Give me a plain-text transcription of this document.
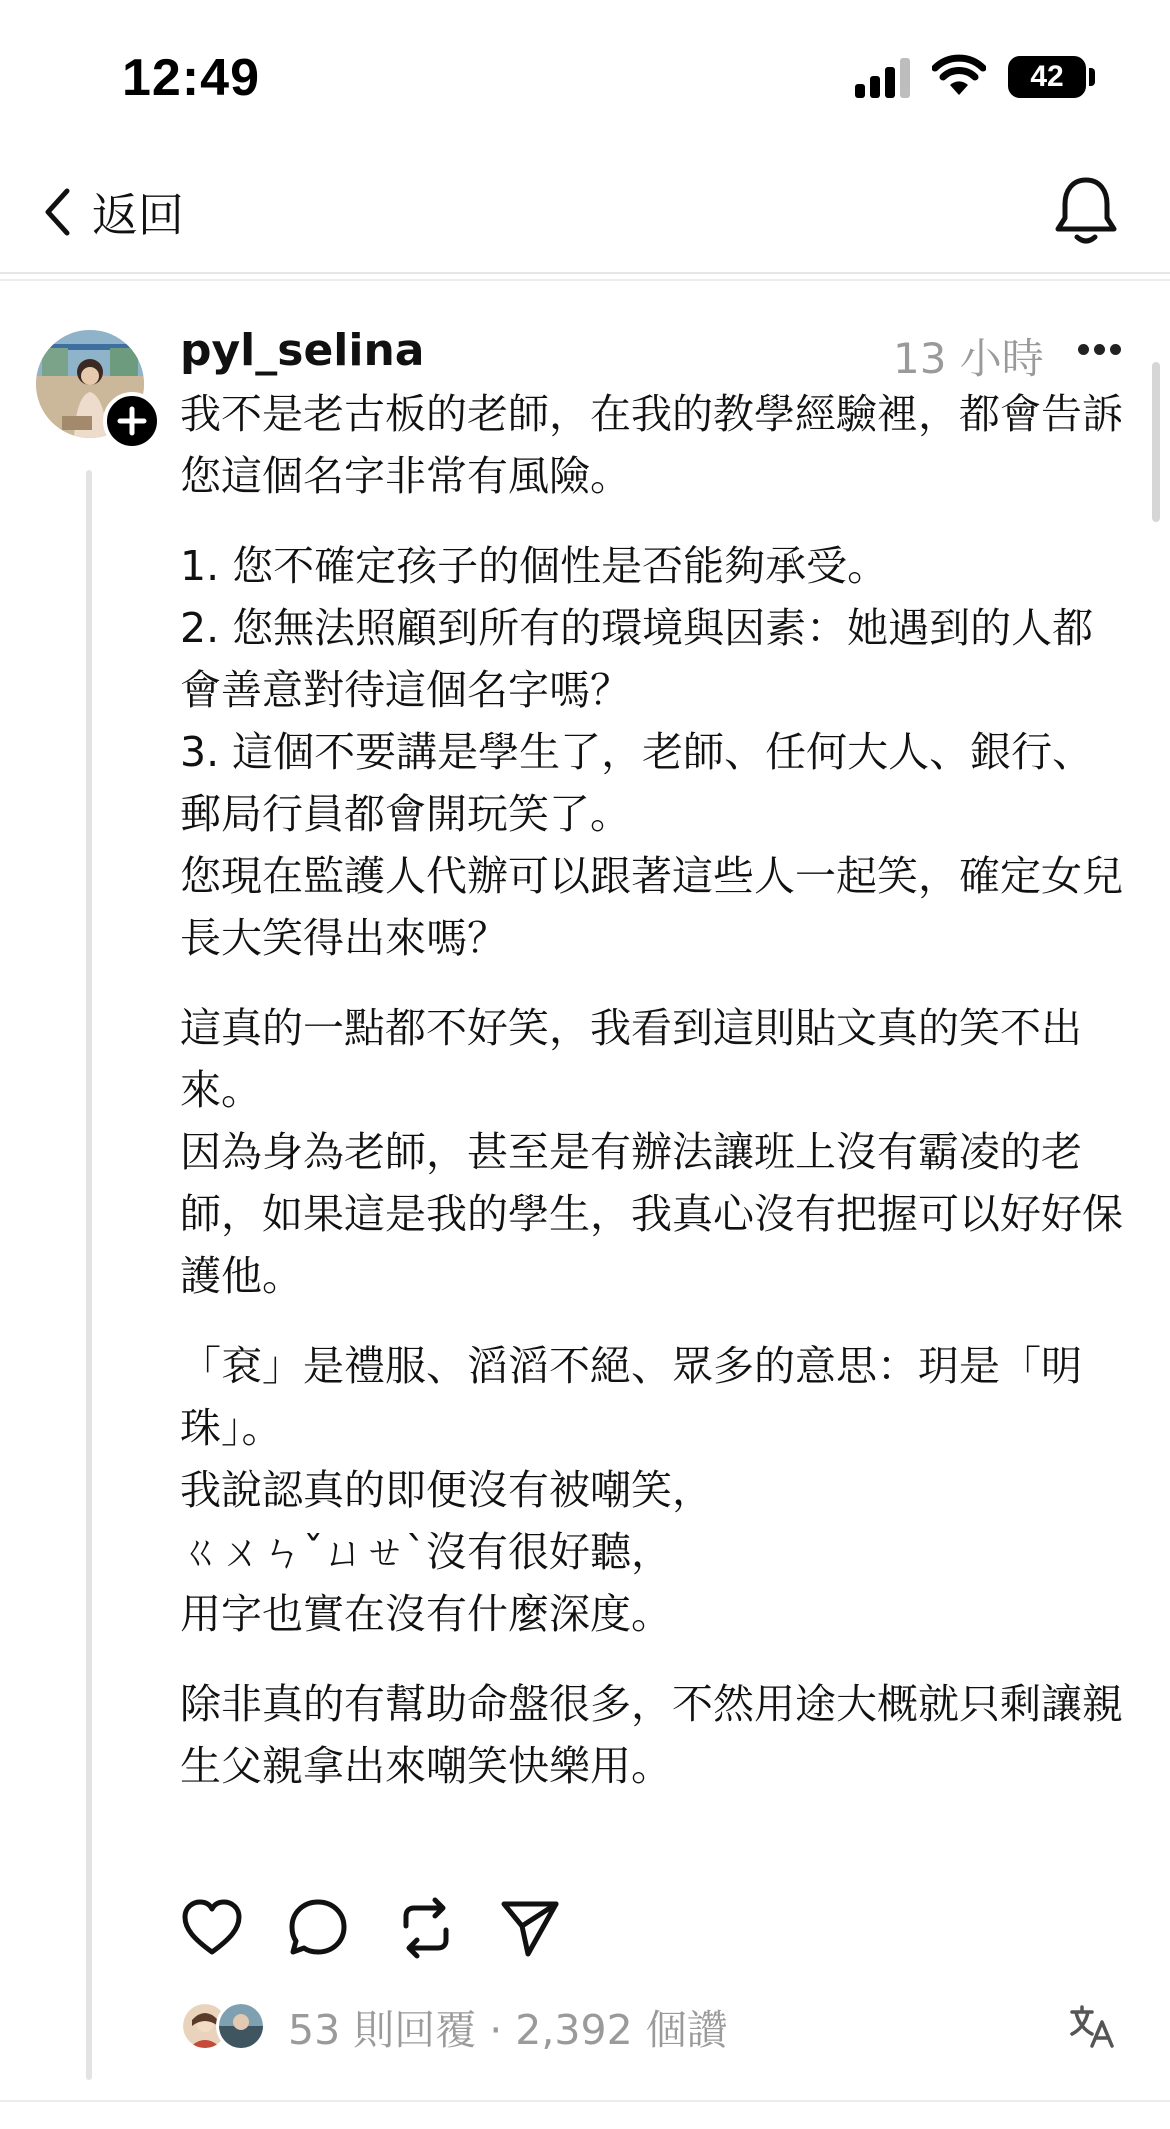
12:49	42
返回
pyl_selina	13 小時

我不是老古板的老師，在我的教學經驗裡，都會告訴您這個名字非常有風險。

1. 您不確定孩子的個性是否能夠承受。
2. 您無法照顧到所有的環境與因素：她遇到的人都會善意對待這個名字嗎？
3. 這個不要講是學生了，老師、任何大人、銀行、郵局行員都會開玩笑了。
您現在監護人代辦可以跟著這些人一起笑，確定女兒長大笑得出來嗎？

這真的一點都不好笑，我看到這則貼文真的笑不出來。
因為身為老師，甚至是有辦法讓班上沒有霸凌的老師，如果這是我的學生，我真心沒有把握可以好好保護他。

「袞」是禮服、滔滔不絕、眾多的意思：玥是「明珠」。
我說認真的即便沒有被嘲笑，
ㄍㄨㄣˇㄩㄝˋ沒有很好聽，
用字也實在沒有什麼深度。

除非真的有幫助命盤很多，不然用途大概就只剩讓親生父親拿出來嘲笑快樂用。

53 則回覆 · 2,392 個讚
